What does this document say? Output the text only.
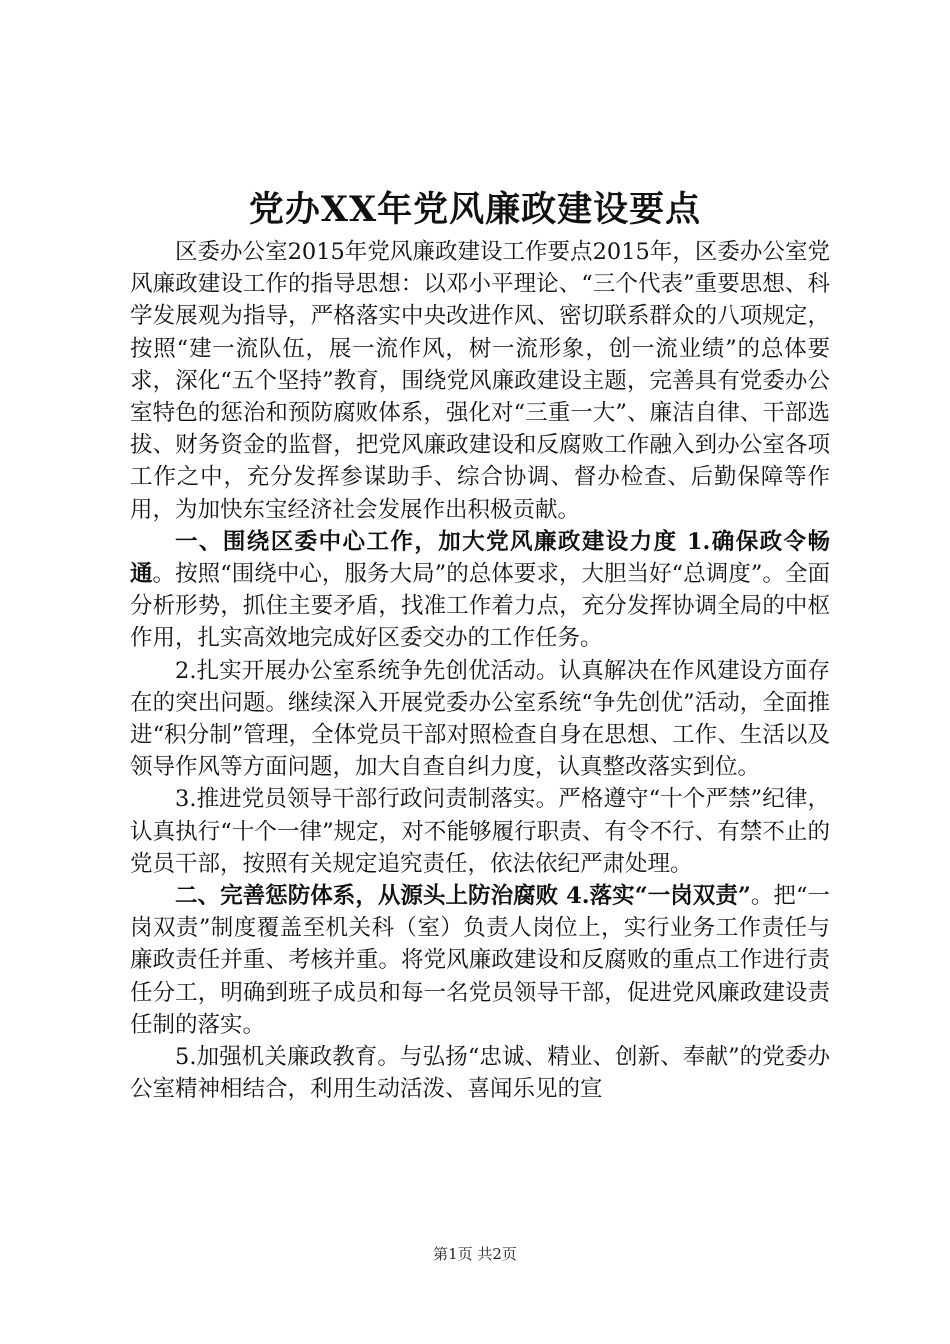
党办XX年党风廉政建设要点

区委办公室2015年党风廉政建设工作要点2015年，区委办公室党风廉政建设工作的指导思想：以邓小平理论、“三个代表”重要思想、科学发展观为指导，严格落实中央改进作风、密切联系群众的八项规定，按照“建一流队伍，展一流作风，树一流形象，创一流业绩”的总体要求，深化“五个坚持”教育，围绕党风廉政建设主题，完善具有党委办公室特色的惩治和预防腐败体系，强化对“三重一大”、廉洁自律、干部选拔、财务资金的监督，把党风廉政建设和反腐败工作融入到办公室各项工作之中，充分发挥参谋助手、综合协调、督办检查、后勤保障等作用，为加快东宝经济社会发展作出积极贡献。

一、围绕区委中心工作，加大党风廉政建设力度 1.确保政令畅通。按照“围绕中心，服务大局”的总体要求，大胆当好“总调度”。全面分析形势，抓住主要矛盾，找准工作着力点，充分发挥协调全局的中枢作用，扎实高效地完成好区委交办的工作任务。

2.扎实开展办公室系统争先创优活动。认真解决在作风建设方面存在的突出问题。继续深入开展党委办公室系统“争先创优”活动，全面推进“积分制”管理，全体党员干部对照检查自身在思想、工作、生活以及领导作风等方面问题，加大自查自纠力度，认真整改落实到位。

3.推进党员领导干部行政问责制落实。严格遵守“十个严禁”纪律，认真执行“十个一律”规定，对不能够履行职责、有令不行、有禁不止的党员干部，按照有关规定追究责任，依法依纪严肃处理。

二、完善惩防体系，从源头上防治腐败 4.落实“一岗双责”。把“一岗双责”制度覆盖至机关科（室）负责人岗位上，实行业务工作责任与廉政责任并重、考核并重。将党风廉政建设和反腐败的重点工作进行责任分工，明确到班子成员和每一名党员领导干部，促进党风廉政建设责任制的落实。

5.加强机关廉政教育。与弘扬“忠诚、精业、创新、奉献”的党委办公室精神相结合，利用生动活泼、喜闻乐见的宣

第1页 共2页
